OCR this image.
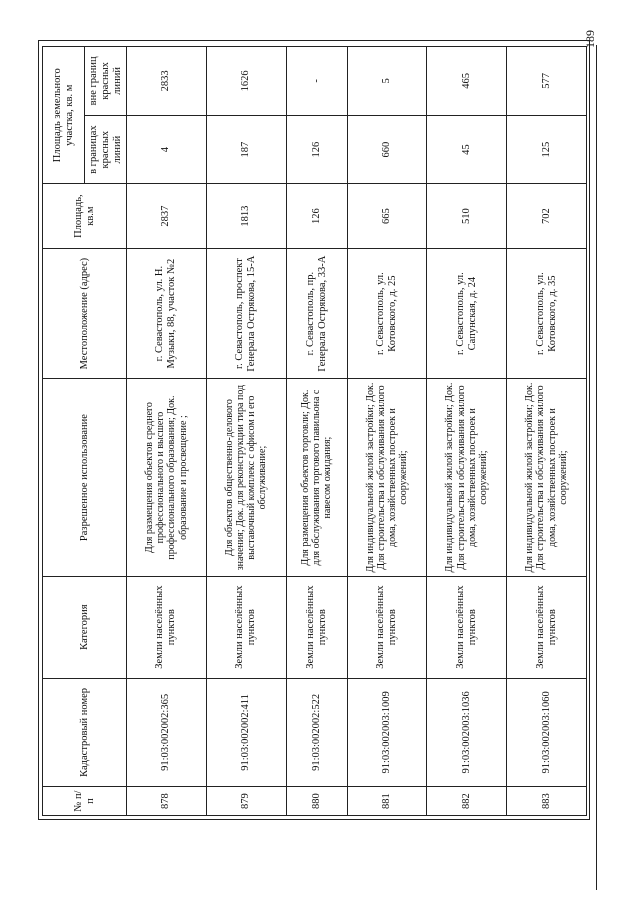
189
№ п/п	Кадастровый номер	Категория	Разрешенное использование	Местоположение (адрес)	Площадь, кв.м	Площадь земельного участка, кв. м	
						в границах красных линий	вне границ красных линий
878	91:03:002002:365	Земли населённых пунктов	Для размещения объектов среднего профессионального и высшего профессионального образования; Док. образование и просвещение ;	г. Севастополь, ул. Н. Музыки, 88, участок №2	2837	4	2833
879	91:03:002002:411	Земли населённых пунктов	Для объектов общественно-делового значения; Док. для реконструкции тира под выставочный комплекс с офисом и его обслуживание;	г. Севастополь, проспект Генерала Острякова, 15-А	1813	187	1626
880	91:03:002002:522	Земли населённых пунктов	Для размещения объектов торговли; Док. для обслуживания торгового павильона с навесом ожидания;	г. Севастополь, пр. Генерала Острякова, 33-А	126	126	-
881	91:03:002003:1009	Земли населённых пунктов	Для индивидуальной жилой застройки; Док. Для строительства и обслуживания жилого дома, хозяйственных построек и сооружений;	г. Севастополь, ул. Котовского, д. 25	665	660	5
882	91:03:002003:1036	Земли населённых пунктов	Для индивидуальной жилой застройки; Док. Для строительства и обслуживания жилого дома, хозяйственных построек и сооружений;	г. Севастополь, ул. Сапунская, д. 24	510	45	465
883	91:03:002003:1060	Земли населённых пунктов	Для индивидуальной жилой застройки; Док. Для строительства и обслуживания жилого дома, хозяйственных построек и сооружений;	г. Севастополь, ул. Котовского, д. 35	702	125	577
